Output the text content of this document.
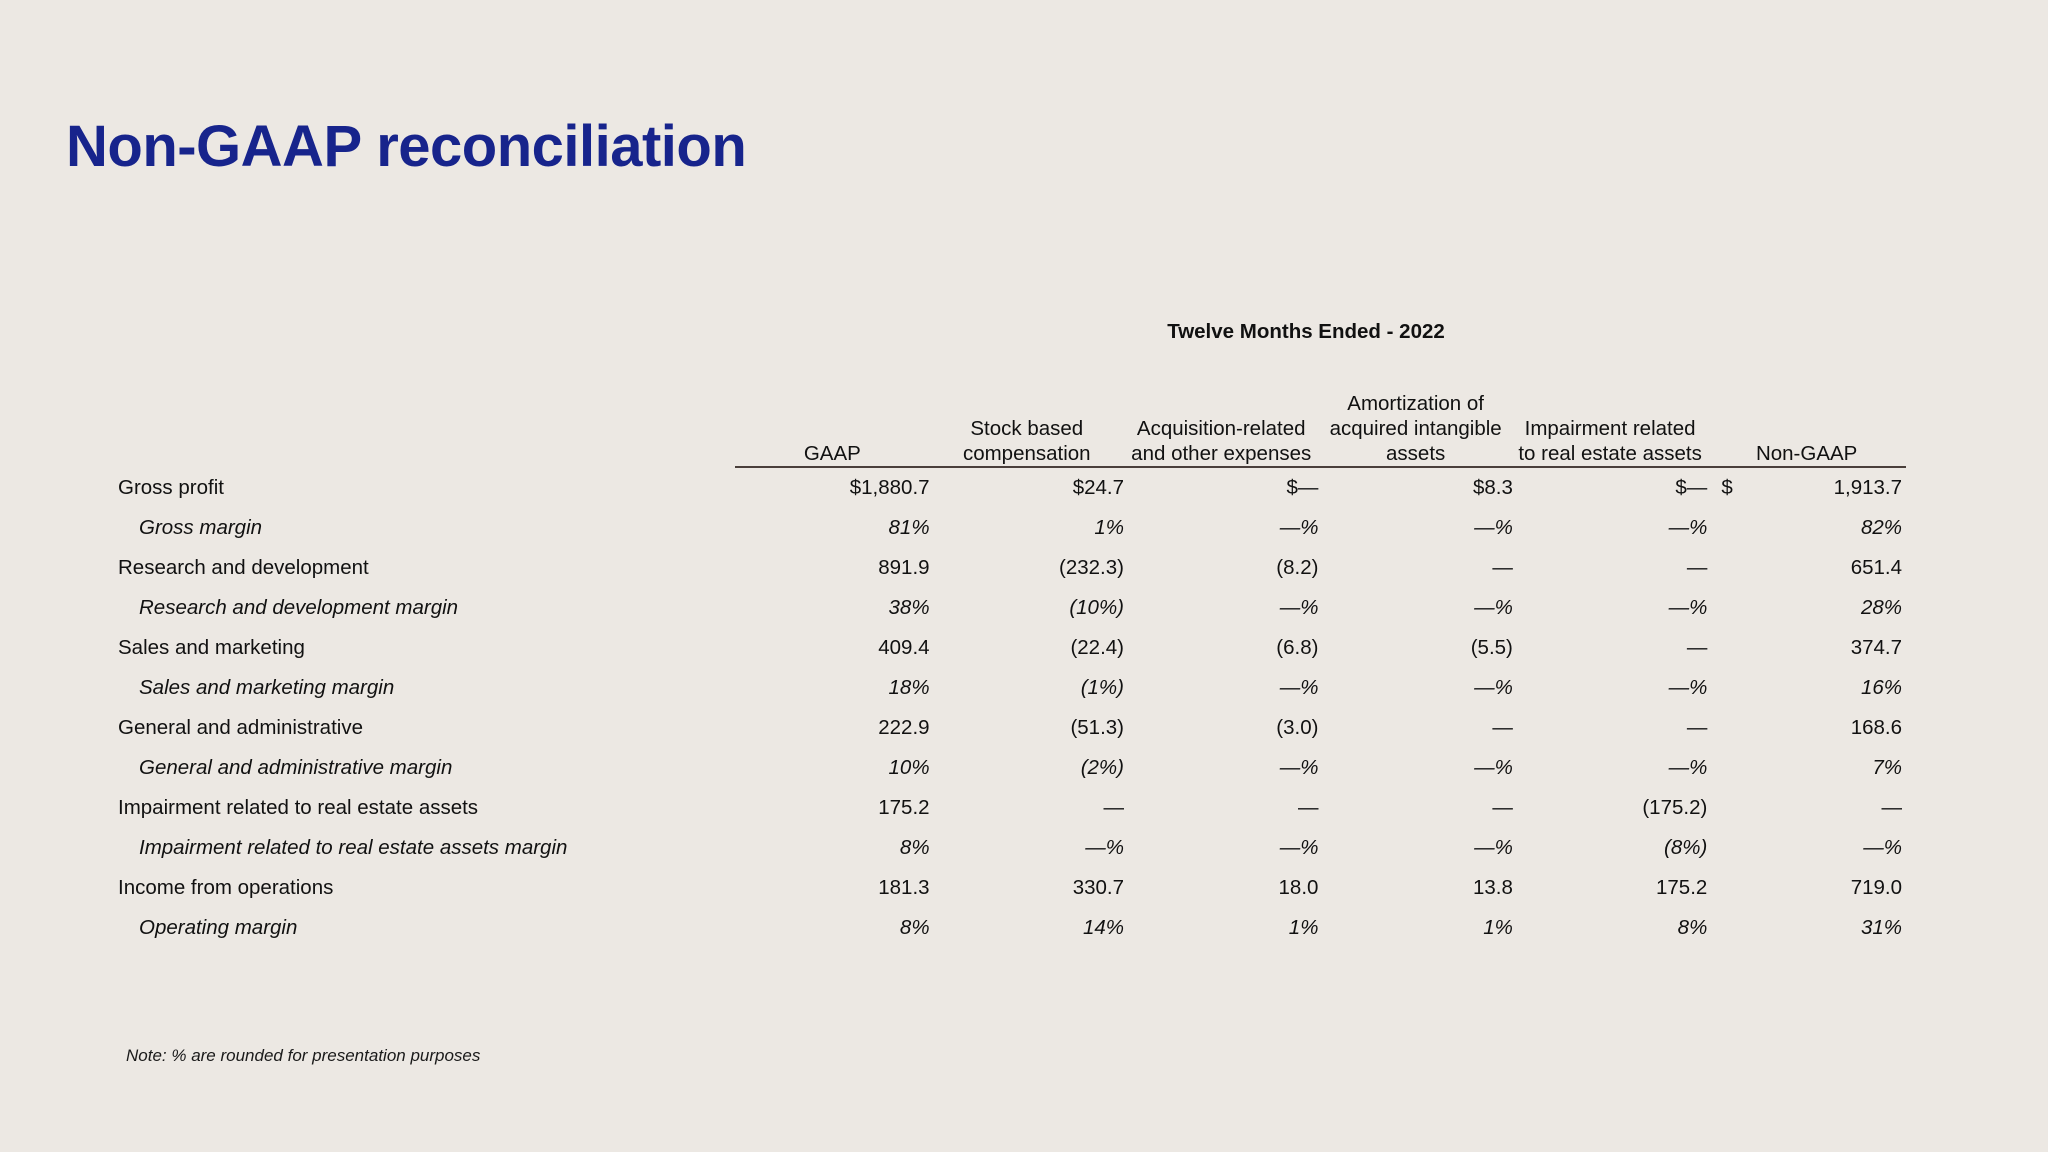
Non-GAAP reconciliation
Twelve Months Ended - 2022
	GAAP	Stock based compensation	Acquisition-related and other expenses	Amortization of acquired intangible assets	Impairment related to real estate assets	Non-GAAP
Gross profit	$1,880.7	$24.7	$—	$8.3	$—	$ 1,913.7

Gross margin	81%	1%	—%	—%	—%	82%
Research and development	891.9	(232.3)	(8.2)	—	—	651.4
Research and development margin	38%	(10%)	—%	—%	—%	28%
Sales and marketing	409.4	(22.4)	(6.8)	(5.5)	—	374.7
Sales and marketing margin	18%	(1%)	—%	—%	—%	16%
General and administrative	222.9	(51.3)	(3.0)	—	—	168.6
General and administrative margin	10%	(2%)	—%	—%	—%	7%
Impairment related to real estate assets	175.2	—	—	—	(175.2)	—
Impairment related to real estate assets margin	8%	—%	—%	—%	(8%)	—%
Income from operations	181.3	330.7	18.0	13.8	175.2	719.0
Operating margin	8%	14%	1%	1%	8%	31%
Note: % are rounded for presentation purposes
